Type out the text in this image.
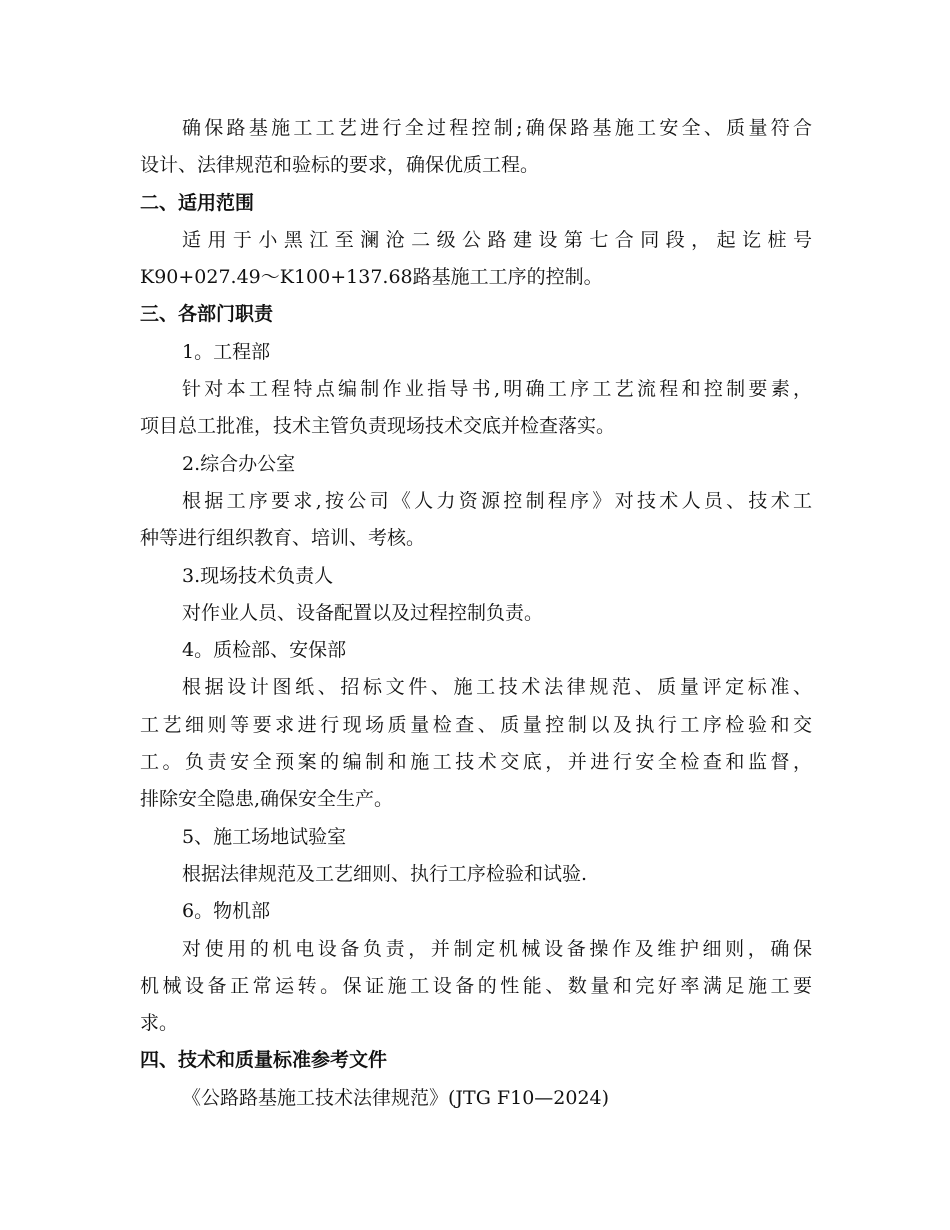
确保路基施工工艺进行全过程控制;确保路基施工安全、质量符合
设计、法律规范和验标的要求，确保优质工程。
二、适用范围
适用于小黑江至澜沧二级公路建设第七合同段，起讫桩号
K90+027.49～K100+137.68路基施工工序的控制。
三、各部门职责
1。工程部
针对本工程特点编制作业指导书,明确工序工艺流程和控制要素，
项目总工批准，技术主管负责现场技术交底并检查落实。
2.综合办公室
根据工序要求,按公司《人力资源控制程序》对技术人员、技术工
种等进行组织教育、培训、考核。
3.现场技术负责人
对作业人员、设备配置以及过程控制负责。
4。质检部、安保部
根据设计图纸、招标文件、施工技术法律规范、质量评定标准、
工艺细则等要求进行现场质量检查、质量控制以及执行工序检验和交
工。负责安全预案的编制和施工技术交底，并进行安全检查和监督，
排除安全隐患,确保安全生产。
5、施工场地试验室
根据法律规范及工艺细则、执行工序检验和试验.
6。物机部
对使用的机电设备负责，并制定机械设备操作及维护细则，确保
机械设备正常运转。保证施工设备的性能、数量和完好率满足施工要
求。
四、技术和质量标准参考文件
《公路路基施工技术法律规范》(JTG F10—2024)
